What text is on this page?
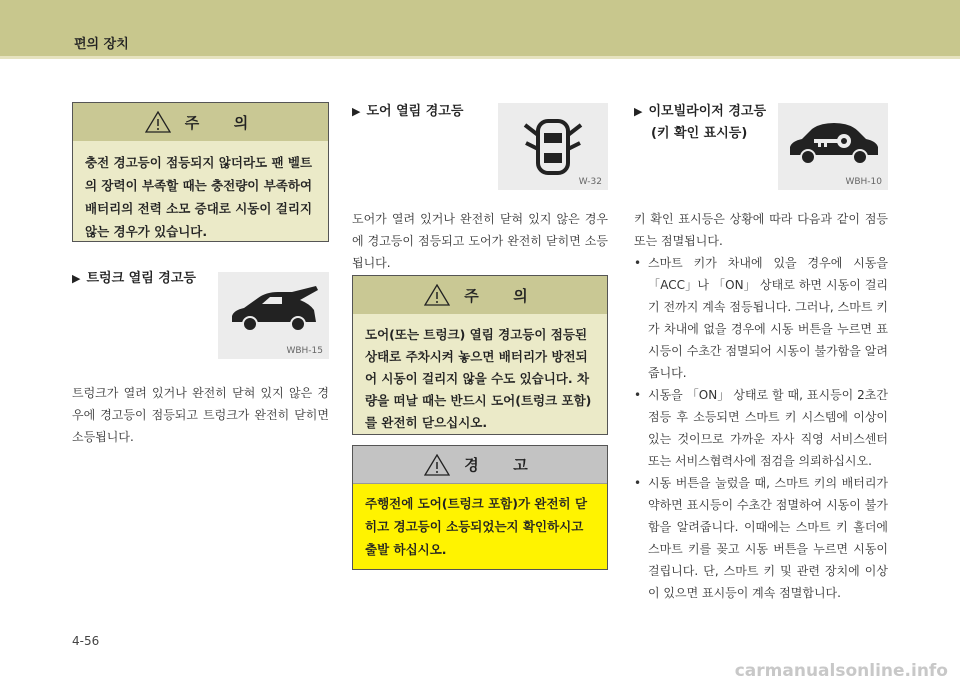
편의 장치
주  의
충전 경고등이 점등되지 않더라도 팬 벨트의 장력이 부족할 때는 충전량이 부족하여 배터리의 전력 소모 증대로 시동이 걸리지 않는 경우가 있습니다.
▶ 트렁크 열림 경고등
WBH-15
트렁크가 열려 있거나 완전히 닫혀 있지 않은 경우에 경고등이 점등되고 트렁크가 완전히 닫히면 소등됩니다.
▶ 도어 열림 경고등
W-32
도어가 열려 있거나 완전히 닫혀 있지 않은 경우에 경고등이 점등되고 도어가 완전히 닫히면 소등됩니다.
주  의
도어(또는 트렁크) 열림 경고등이 점등된 상태로 주차시켜 놓으면 배터리가 방전되어 시동이 걸리지 않을 수도 있습니다. 차량을 떠날 때는 반드시 도어(트렁크 포함)를 완전히 닫으십시오.
경  고
주행전에 도어(트렁크 포함)가 완전히 닫히고 경고등이 소등되었는지 확인하시고 출발 하십시오.
▶ 이모빌라이저 경고등
(키 확인 표시등)
WBH-10
키 확인 표시등은 상황에 따라 다음과 같이 점등 또는 점멸됩니다.
• 스마트 키가 차내에 있을 경우에 시동을 「ACC」나 「ON」 상태로 하면 시동이 걸리기 전까지 계속 점등됩니다. 그러나, 스마트 키가 차내에 없을 경우에 시동 버튼을 누르면 표시등이 수초간 점멸되어 시동이 불가함을 알려줍니다.
• 시동을 「ON」 상태로 할 때, 표시등이 2초간 점등 후 소등되면 스마트 키 시스템에 이상이 있는 것이므로 가까운 자사 직영 서비스센터 또는 서비스협력사에 점검을 의뢰하십시오.
• 시동 버튼을 눌렀을 때, 스마트 키의 배터리가 약하면 표시등이 수초간 점멸하여 시동이 불가함을 알려줍니다. 이때에는 스마트 키 홀더에 스마트 키를 꽂고 시동 버튼을 누르면 시동이 걸립니다. 단, 스마트 키 및 관련 장치에 이상이 있으면 표시등이 계속 점멸합니다.
4-56
carmanualsonline.info
